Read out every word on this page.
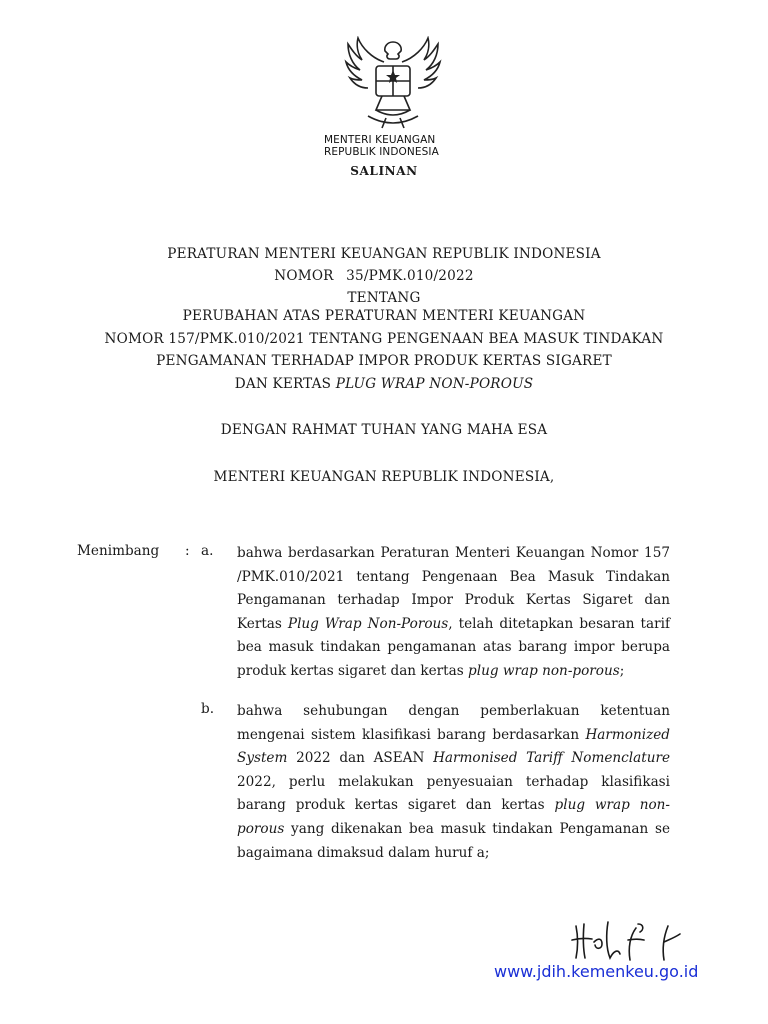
MENTERI KEUANGAN
REPUBLIK INDONESIA
SALINAN
PERATURAN MENTERI KEUANGAN REPUBLIK INDONESIA
NOMOR 35/PMK.010/2022
TENTANG
PERUBAHAN ATAS PERATURAN MENTERI KEUANGAN
NOMOR 157/PMK.010/2021 TENTANG PENGENAAN BEA MASUK TINDAKAN
PENGAMANAN TERHADAP IMPOR PRODUK KERTAS SIGARET
DAN KERTAS PLUG WRAP NON-POROUS
DENGAN RAHMAT TUHAN YANG MAHA ESA
MENTERI KEUANGAN REPUBLIK INDONESIA,
Menimbang : a. bahwa berdasarkan Peraturan Menteri Keuangan Nomor 157 /PMK.010/2021 tentang Pengenaan Bea Masuk Tindakan Pengamanan terhadap Impor Produk Kertas Sigaret dan Kertas Plug Wrap Non-Porous, telah ditetapkan besaran tarif bea masuk tindakan pengamanan atas barang impor berupa produk kertas sigaret dan kertas plug wrap non-porous;
b. bahwa sehubungan dengan pemberlakuan ketentuan mengenai sistem klasifikasi barang berdasarkan Harmonized System 2022 dan ASEAN Harmonised Tariff Nomenclature 2022, perlu melakukan penyesuaian terhadap klasifikasi barang produk kertas sigaret dan kertas plug wrap non-porous yang dikenakan bea masuk tindakan Pengamanan se bagaimana dimaksud dalam huruf a;
www.jdih.kemenkeu.go.id
